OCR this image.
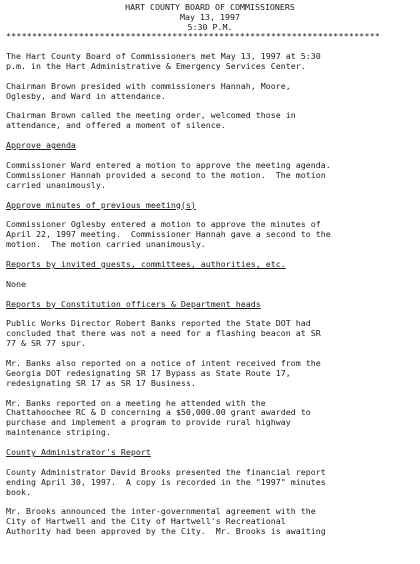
HART COUNTY BOARD OF COMMISSIONERS
May 13, 1997
5:30 P.M.
************************************************************************
The Hart County Board of Commissioners met May 13, 1997 at 5:30
p.m. in the Hart Administrative & Emergency Services Center.
Chairman Brown presided with commissioners Hannah, Moore,
Oglesby, and Ward in attendance.
Chairman Brown called the meeting order, welcomed those in
attendance, and offered a moment of silence.
Approve agenda
Commissioner Ward entered a motion to approve the meeting agenda.
Commissioner Hannah provided a second to the motion.  The motion
carried unanimously.
Approve minutes of previous meeting(s)
Commissioner Oglesby entered a motion to approve the minutes of
April 22, 1997 meeting.  Commissioner Hannah gave a second to the
motion.  The motion carried unanimously.
Reports by invited guests, committees, authorities, etc.
None
Reports by Constitution officers & Department heads
Public Works Director Robert Banks reported the State DOT had
concluded that there was not a need for a flashing beacon at SR
77 & SR 77 spur.
Mr. Banks also reported on a notice of intent received from the
Georgia DOT redesignating SR 17 Bypass as State Route 17,
redesignating SR 17 as SR 17 Business.
Mr. Banks reported on a meeting he attended with the
Chattahoochee RC & D concerning a $50,000.00 grant awarded to
purchase and implement a program to provide rural highway
maintenance striping.
County Administrator's Report
County Administrator David Brooks presented the financial report
ending April 30, 1997.  A copy is recorded in the "1997" minutes
book.
Mr. Brooks announced the inter-governmental agreement with the
City of Hartwell and the City of Hartwell's Recreational
Authority had been approved by the City.  Mr. Brooks is awaiting
